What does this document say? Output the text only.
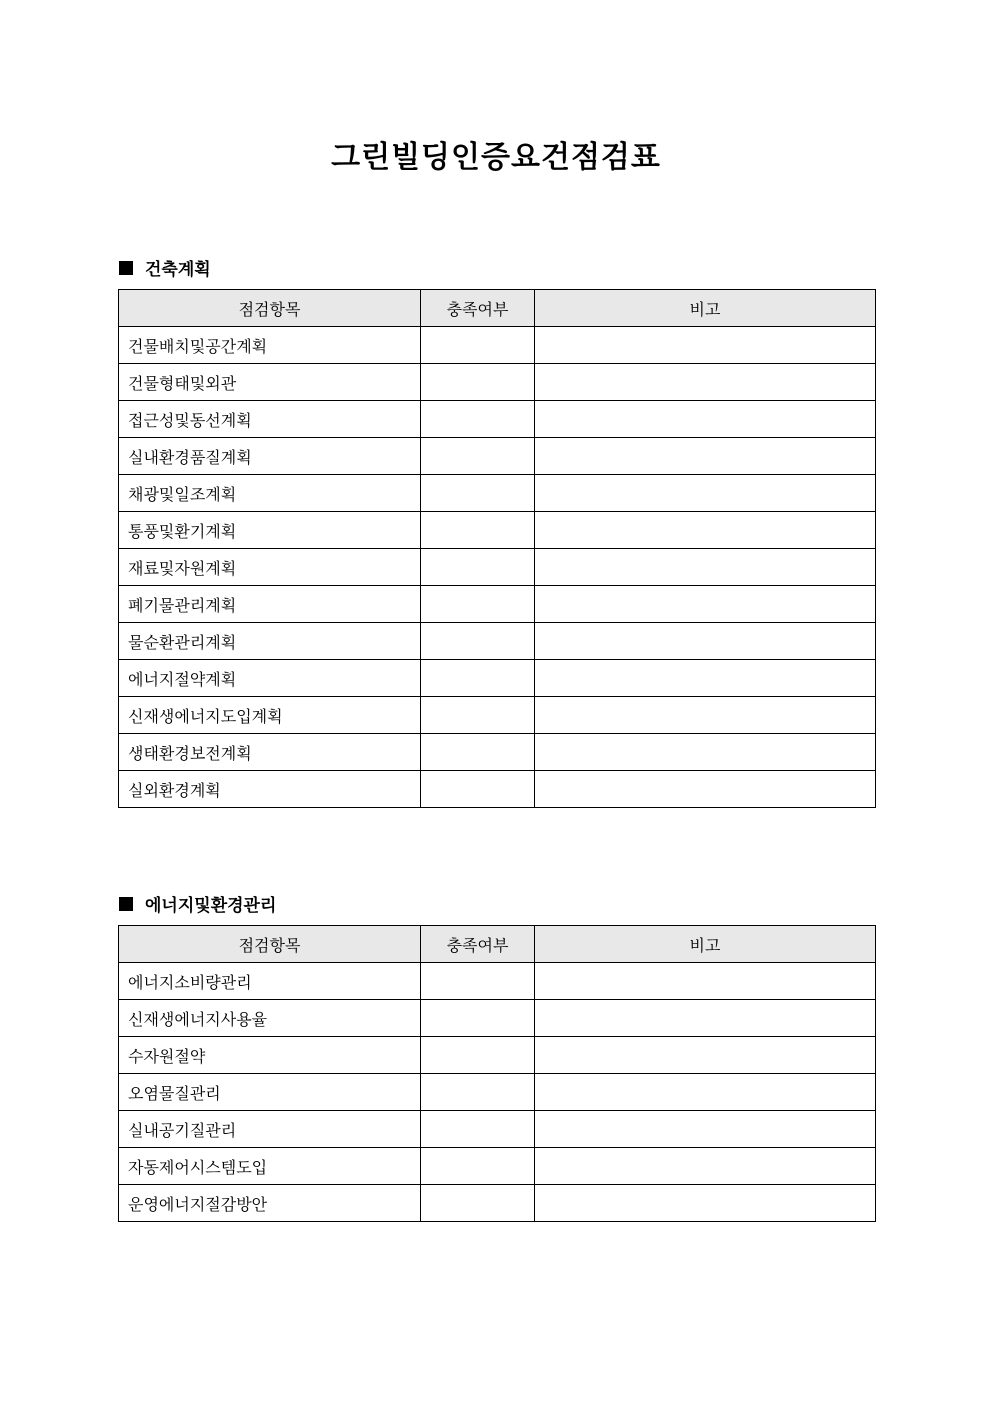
그린빌딩인증요건점검표
건축계획
점검항목	충족여부	비고
건물배치및공간계획		
건물형태및외관		
접근성및동선계획		
실내환경품질계획		
채광및일조계획		
통풍및환기계획		
재료및자원계획		
폐기물관리계획		
물순환관리계획		
에너지절약계획		
신재생에너지도입계획		
생태환경보전계획		
실외환경계획		
에너지및환경관리
점검항목	충족여부	비고
에너지소비량관리		
신재생에너지사용율		
수자원절약		
오염물질관리		
실내공기질관리		
자동제어시스템도입		
운영에너지절감방안		
